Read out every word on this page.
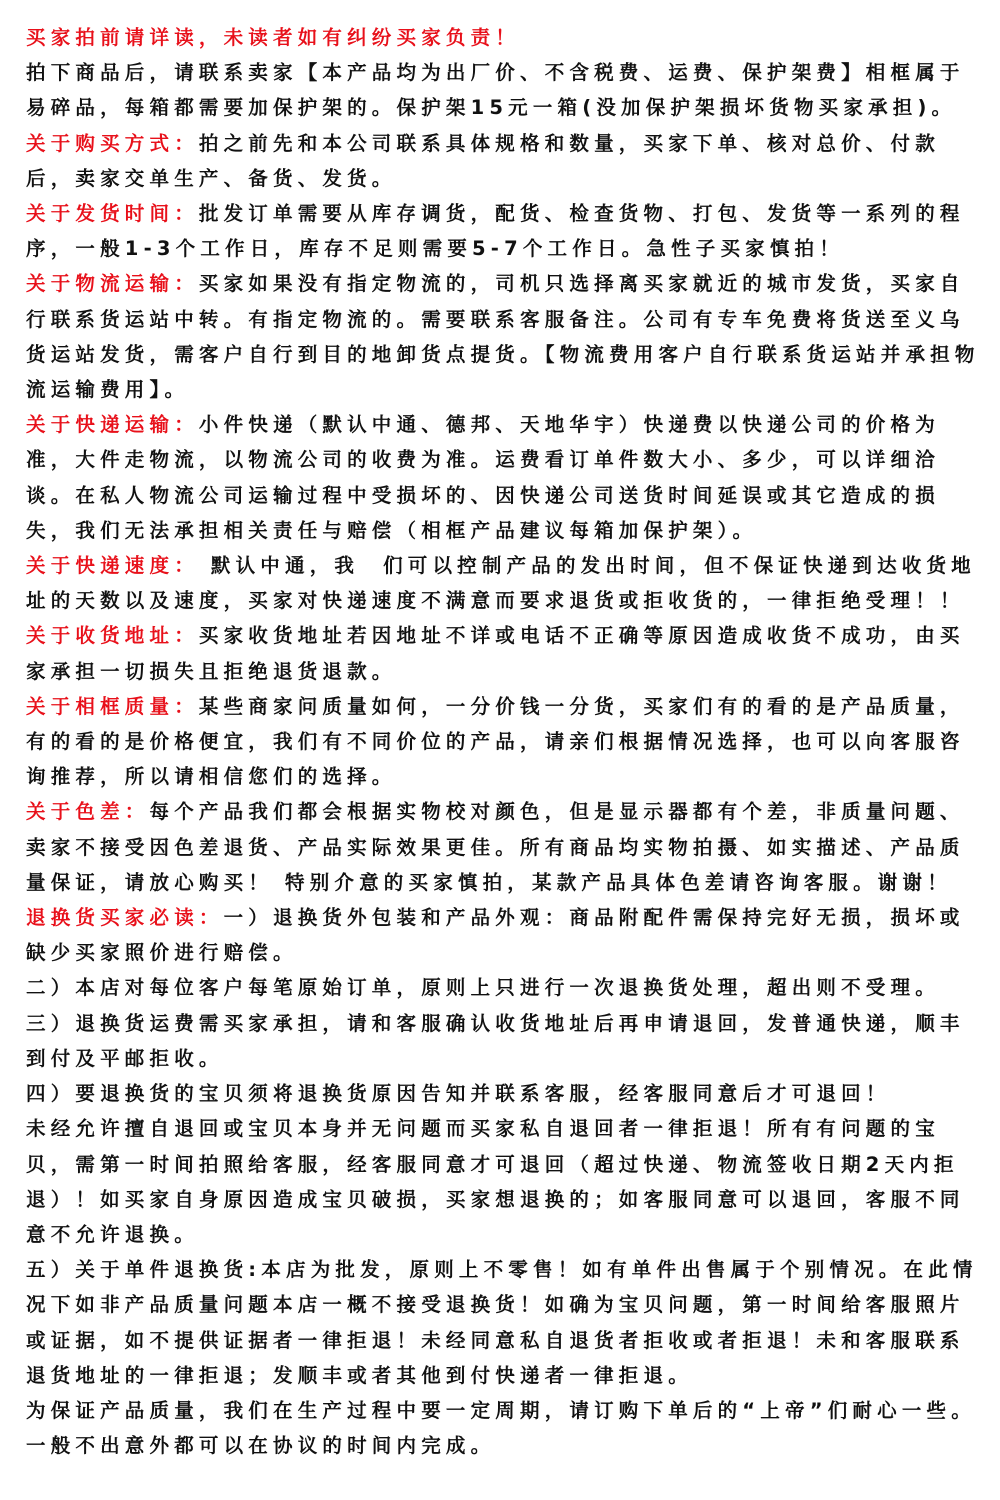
买家拍前请详读，未读者如有纠纷买家负责！

拍下商品后，请联系卖家【本产品均为出厂价、不含税费、运费、保护架费】相框属于易碎品，每箱都需要加保护架的。保护架15元一箱(没加保护架损坏货物买家承担)。

关于购买方式：拍之前先和本公司联系具体规格和数量，买家下单、核对总价、付款后，卖家交单生产、备货、发货。

关于发货时间：批发订单需要从库存调货，配货、检查货物、打包、发货等一系列的程序，一般1-3个工作日，库存不足则需要5-7个工作日。急性子买家慎拍！

关于物流运输：买家如果没有指定物流的，司机只选择离买家就近的城市发货，买家自行联系货运站中转。有指定物流的。需要联系客服备注。公司有专车免费将货送至义乌货运站发货，需客户自行到目的地卸货点提货。【物流费用客户自行联系货运站并承担物流运输费用】。

关于快递运输：小件快递（默认中通、德邦、天地华宇）快递费以快递公司的价格为准，大件走物流，以物流公司的收费为准。运费看订单件数大小、多少，可以详细洽谈。在私人物流公司运输过程中受损坏的、因快递公司送货时间延误或其它造成的损失，我们无法承担相关责任与赔偿（相框产品建议每箱加保护架）。

关于快递速度： 默认中通，我  们可以控制产品的发出时间，但不保证快递到达收货地址的天数以及速度，买家对快递速度不满意而要求退货或拒收货的，一律拒绝受理！！

关于收货地址：买家收货地址若因地址不详或电话不正确等原因造成收货不成功，由买家承担一切损失且拒绝退货退款。

关于相框质量：某些商家问质量如何，一分价钱一分货，买家们有的看的是产品质量，有的看的是价格便宜，我们有不同价位的产品，请亲们根据情况选择，也可以向客服咨询推荐，所以请相信您们的选择。

关于色差：每个产品我们都会根据实物校对颜色，但是显示器都有个差，非质量问题、卖家不接受因色差退货、产品实际效果更佳。所有商品均实物拍摄、如实描述、产品质量保证，请放心购买！ 特别介意的买家慎拍，某款产品具体色差请咨询客服。谢谢！

退换货买家必读：一）退换货外包装和产品外观：商品附配件需保持完好无损，损坏或缺少买家照价进行赔偿。

二）本店对每位客户每笔原始订单，原则上只进行一次退换货处理，超出则不受理。

三）退换货运费需买家承担，请和客服确认收货地址后再申请退回，发普通快递，顺丰到付及平邮拒收。

四）要退换货的宝贝须将退换货原因告知并联系客服，经客服同意后才可退回！

未经允许擅自退回或宝贝本身并无问题而买家私自退回者一律拒退！所有有问题的宝贝，需第一时间拍照给客服，经客服同意才可退回（超过快递、物流签收日期2天内拒退）！如买家自身原因造成宝贝破损，买家想退换的；如客服同意可以退回，客服不同意不允许退换。

五）关于单件退换货:本店为批发，原则上不零售！如有单件出售属于个别情况。在此情况下如非产品质量问题本店一概不接受退换货！如确为宝贝问题，第一时间给客服照片或证据，如不提供证据者一律拒退！未经同意私自退货者拒收或者拒退！未和客服联系退货地址的一律拒退；发顺丰或者其他到付快递者一律拒退。

为保证产品质量，我们在生产过程中要一定周期，请订购下单后的“上帝”们耐心一些。一般不出意外都可以在协议的时间内完成。
